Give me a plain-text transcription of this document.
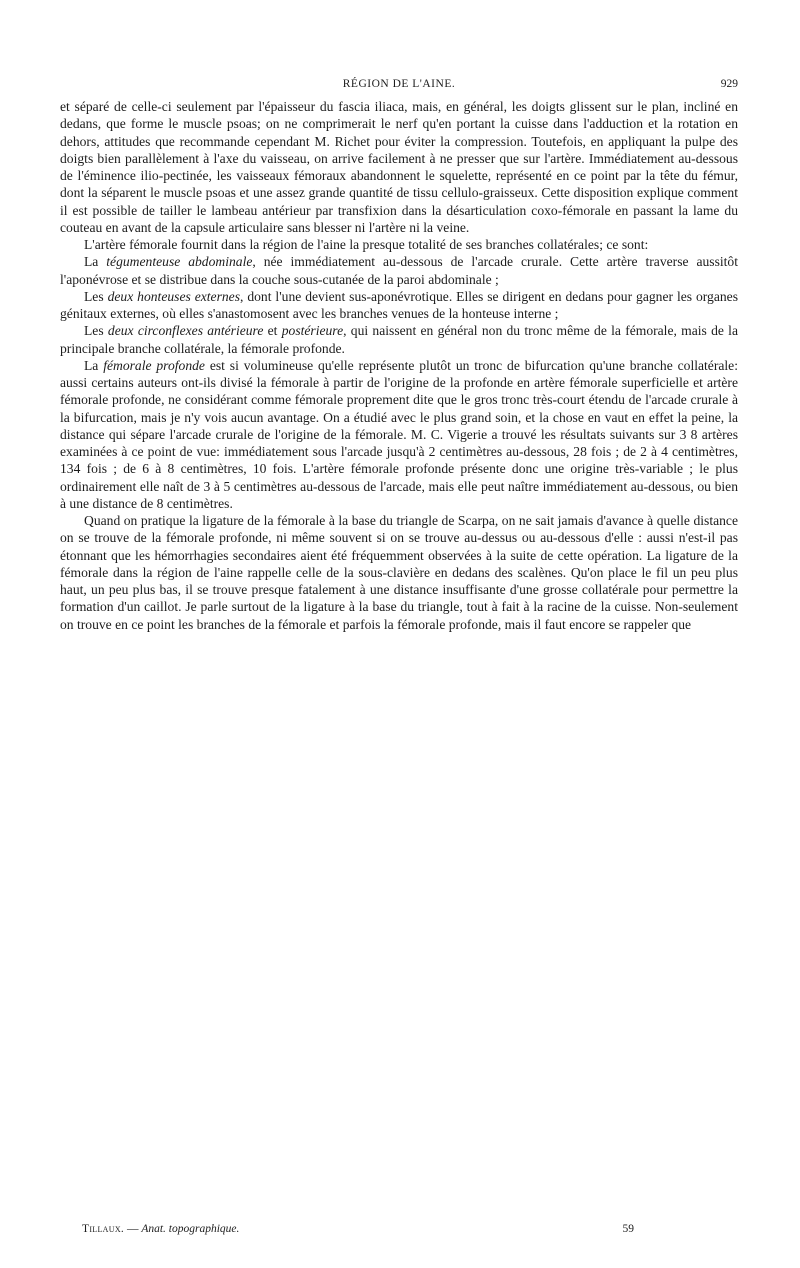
RÉGION DE L'AINE.	929

et séparé de celle-ci seulement par l'épaisseur du fascia iliaca, mais, en général, les doigts glissent sur le plan, incliné en dedans, que forme le muscle psoas; on ne comprimerait le nerf qu'en portant la cuisse dans l'adduction et la rotation en dehors, attitudes que recommande cependant M. Richet pour éviter la compression. Toutefois, en appliquant la pulpe des doigts bien parallèlement à l'axe du vaisseau, on arrive facilement à ne presser que sur l'artère. Immédiatement au-dessous de l'éminence ilio-pectinée, les vaisseaux fémoraux abandonnent le squelette, représenté en ce point par la tête du fémur, dont la séparent le muscle psoas et une assez grande quantité de tissu cellulo-graisseux. Cette disposition explique comment il est possible de tailler le lambeau antérieur par transfixion dans la désarticulation coxo-fémorale en passant la lame du couteau en avant de la capsule articulaire sans blesser ni l'artère ni la veine.

L'artère fémorale fournit dans la région de l'aine la presque totalité de ses branches collatérales; ce sont:

La tégumenteuse abdominale, née immédiatement au-dessous de l'arcade crurale. Cette artère traverse aussitôt l'aponévrose et se distribue dans la couche sous-cutanée de la paroi abdominale ;

Les deux honteuses externes, dont l'une devient sus-aponévrotique. Elles se dirigent en dedans pour gagner les organes génitaux externes, où elles s'anastomosent avec les branches venues de la honteuse interne ;

Les deux circonflexes antérieure et postérieure, qui naissent en général non du tronc même de la fémorale, mais de la principale branche collatérale, la fémorale profonde.

La fémorale profonde est si volumineuse qu'elle représente plutôt un tronc de bifurcation qu'une branche collatérale: aussi certains auteurs ont-ils divisé la fémorale à partir de l'origine de la profonde en artère fémorale superficielle et artère fémorale profonde, ne considérant comme fémorale proprement dite que le gros tronc très-court étendu de l'arcade crurale à la bifurcation, mais je n'y vois aucun avantage. On a étudié avec le plus grand soin, et la chose en vaut en effet la peine, la distance qui sépare l'arcade crurale de l'origine de la fémorale. M. C. Vigerie a trouvé les résultats suivants sur 3 8 artères examinées à ce point de vue: immédiatement sous l'arcade jusqu'à 2 centimètres au-dessous, 28 fois ; de 2 à 4 centimètres, 134 fois ; de 6 à 8 centimètres, 10 fois. L'artère fémorale profonde présente donc une origine très-variable ; le plus ordinairement elle naît de 3 à 5 centimètres au-dessous de l'arcade, mais elle peut naître immédiatement au-dessous, ou bien à une distance de 8 centimètres.

Quand on pratique la ligature de la fémorale à la base du triangle de Scarpa, on ne sait jamais d'avance à quelle distance on se trouve de la fémorale profonde, ni même souvent si on se trouve au-dessus ou au-dessous d'elle : aussi n'est-il pas étonnant que les hémorrhagies secondaires aient été fréquemment observées à la suite de cette opération. La ligature de la fémorale dans la région de l'aine rappelle celle de la sous-clavière en dedans des scalènes. Qu'on place le fil un peu plus haut, un peu plus bas, il se trouve presque fatalement à une distance insuffisante d'une grosse collatérale pour permettre la formation d'un caillot. Je parle surtout de la ligature à la base du triangle, tout à fait à la racine de la cuisse. Non-seulement on trouve en ce point les branches de la fémorale et parfois la fémorale profonde, mais il faut encore se rappeler que

Tillaux. — Anat. topographique.	59
